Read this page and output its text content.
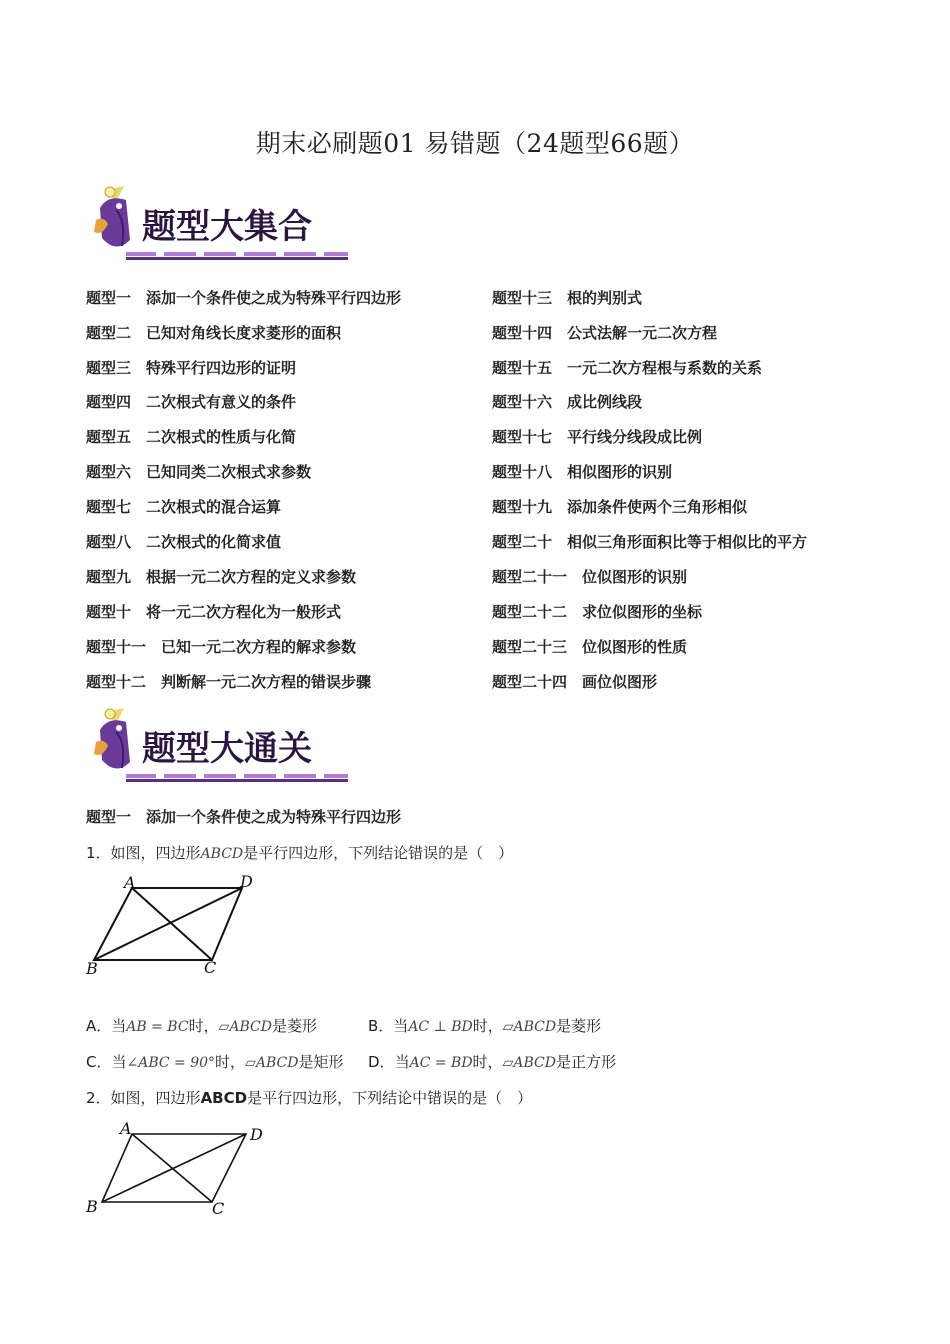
期末必刷题01 易错题（24题型66题）
题型大集合
题型一  添加一个条件使之成为特殊平行四边形
题型二  已知对角线长度求菱形的面积
题型三  特殊平行四边形的证明
题型四  二次根式有意义的条件
题型五  二次根式的性质与化简
题型六  已知同类二次根式求参数
题型七  二次根式的混合运算
题型八  二次根式的化简求值
题型九  根据一元二次方程的定义求参数
题型十  将一元二次方程化为一般形式
题型十一  已知一元二次方程的解求参数
题型十二  判断解一元二次方程的错误步骤
题型十三  根的判别式
题型十四  公式法解一元二次方程
题型十五  一元二次方程根与系数的关系
题型十六  成比例线段
题型十七  平行线分线段成比例
题型十八  相似图形的识别
题型十九  添加条件使两个三角形相似
题型二十  相似三角形面积比等于相似比的平方
题型二十一  位似图形的识别
题型二十二  求位似图形的坐标
题型二十三  位似图形的性质
题型二十四  画位似图形
题型大通关
题型一  添加一个条件使之成为特殊平行四边形
1．如图，四边形ABCD是平行四边形，下列结论错误的是（　）
A	D
B	C
A．当AB = BC时，▱ABCD是菱形	B．当AC ⊥ BD时，▱ABCD是菱形
C．当∠ABC = 90°时，▱ABCD是矩形 D．当AC = BD时，▱ABCD是正方形
2．如图，四边形ABCD是平行四边形，下列结论中错误的是（　）
A	D
B	C
